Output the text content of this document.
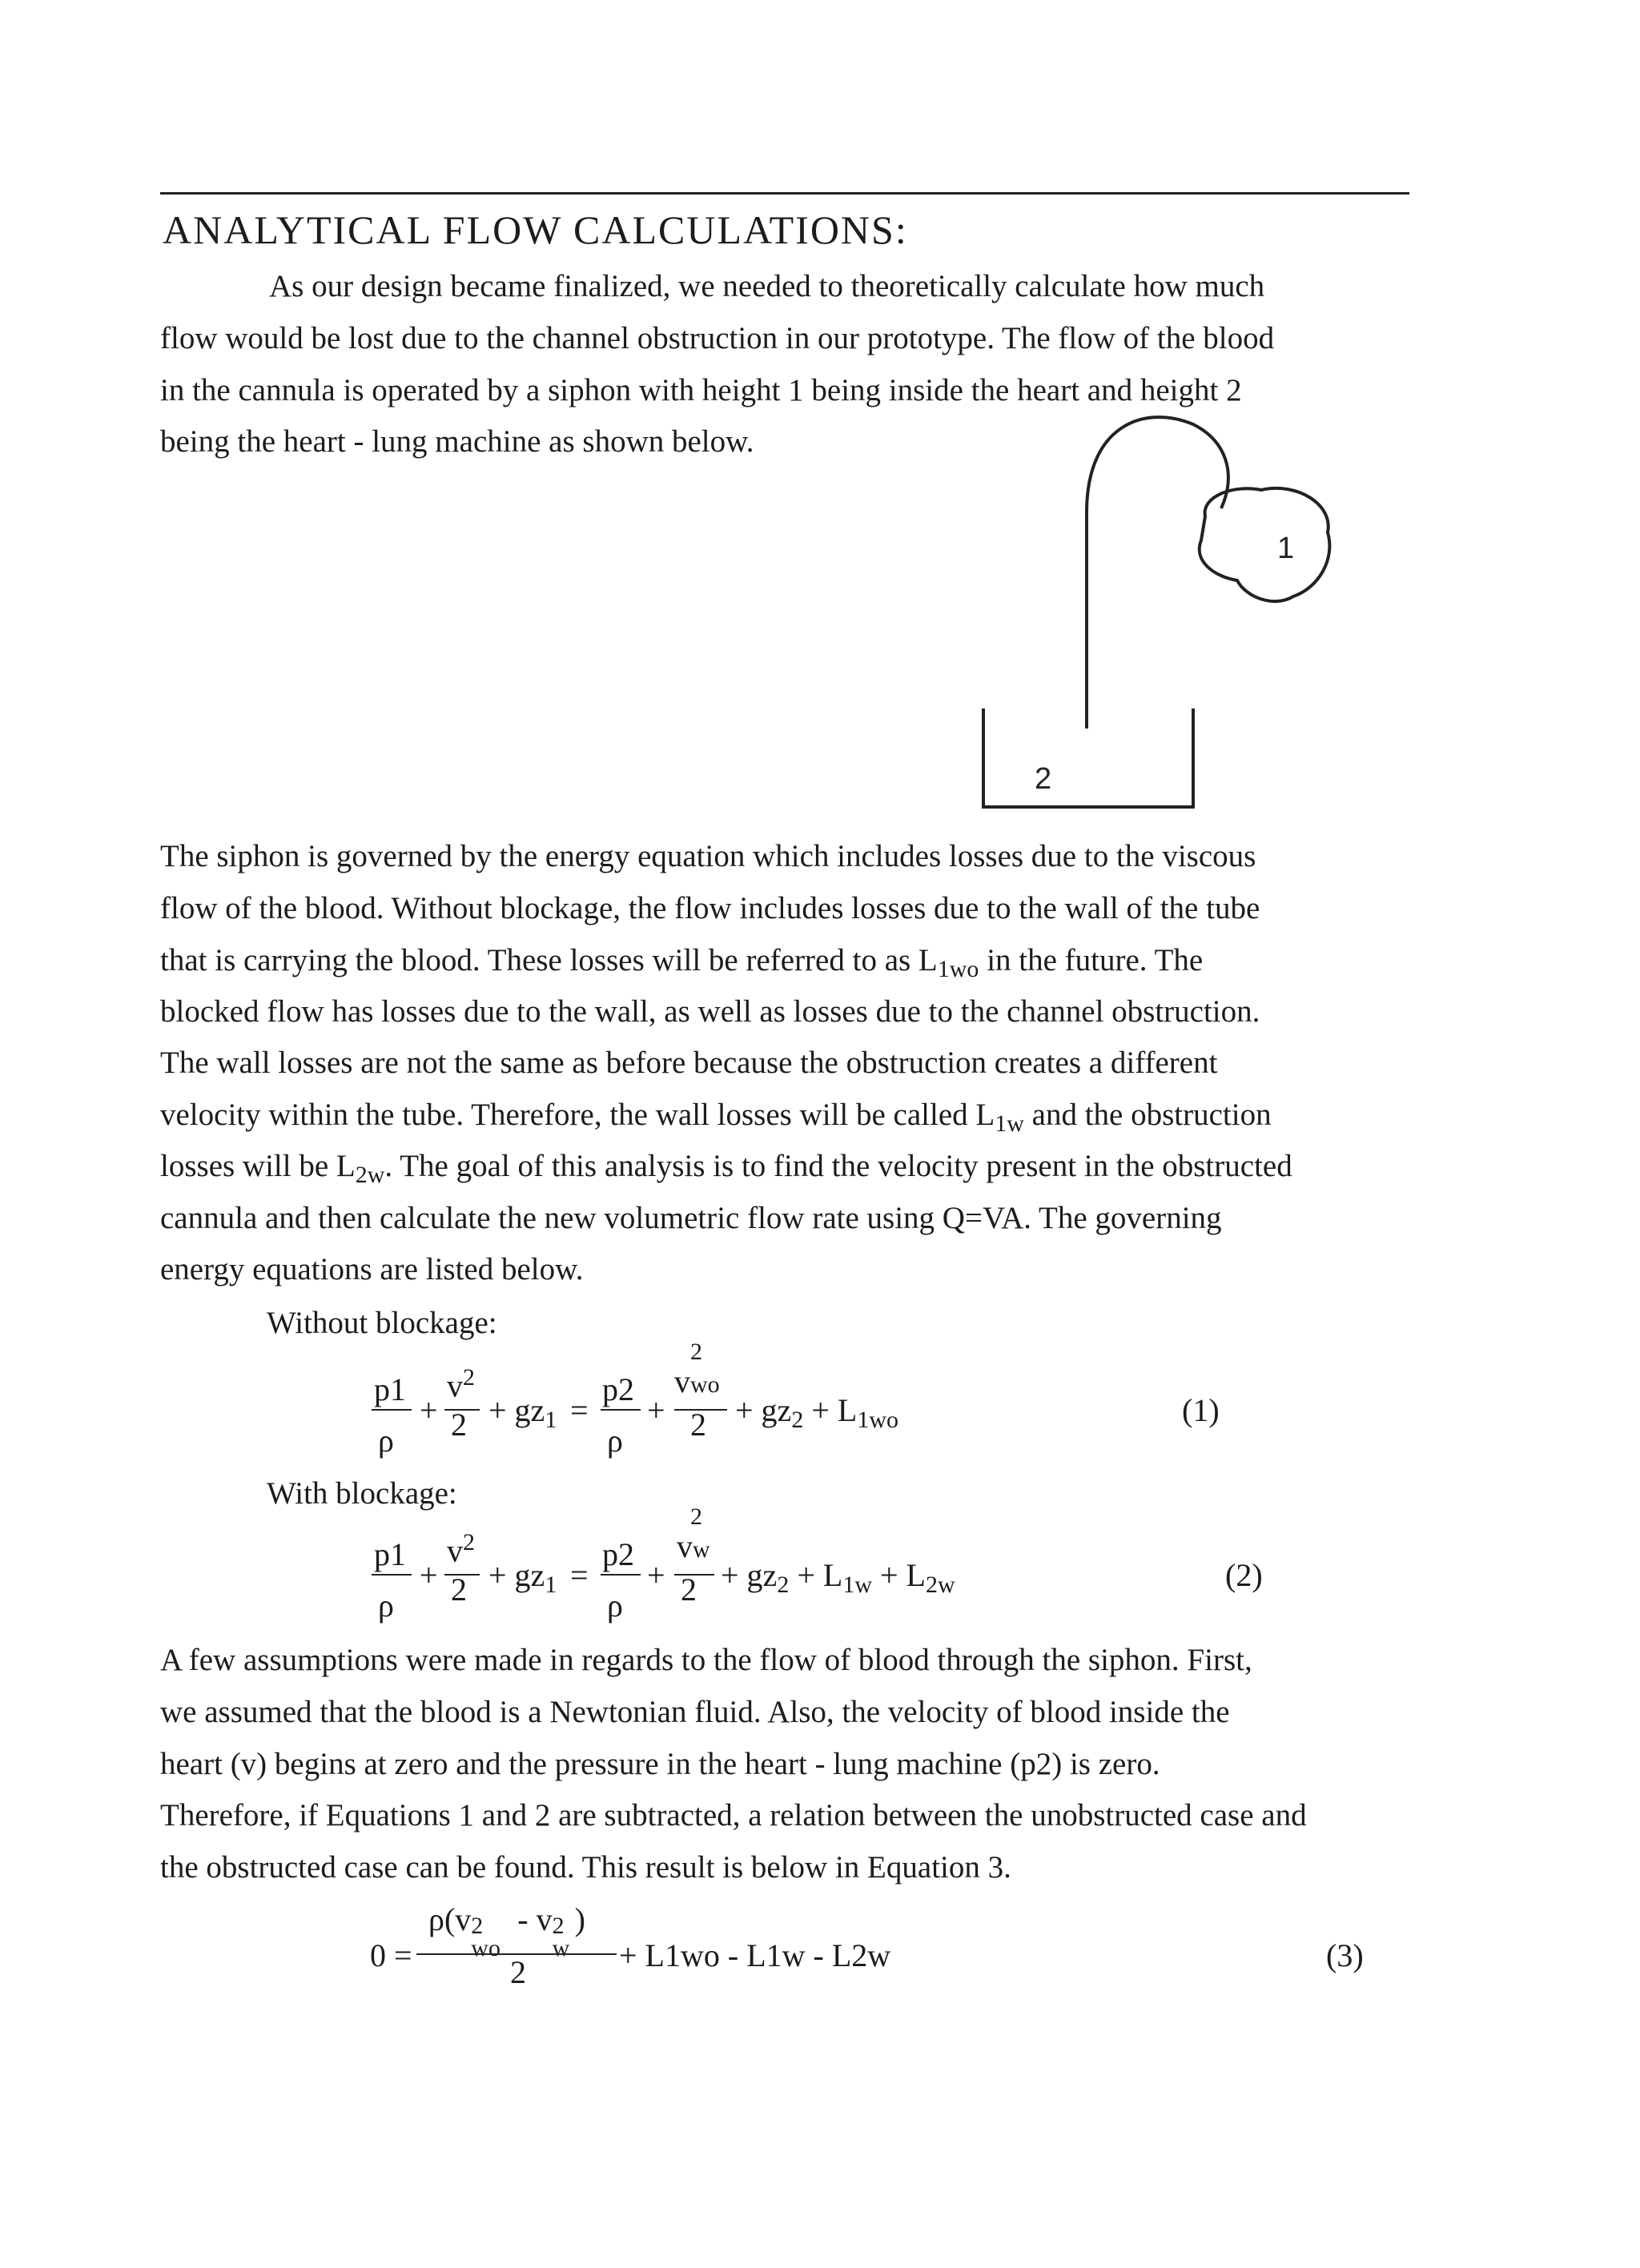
ANALYTICAL FLOW CALCULATIONS:
As our design became finalized, we needed to theoretically calculate how much
flow would be lost due to the channel obstruction in our prototype. The flow of the blood
in the cannula is operated by a siphon with height 1 being inside the heart and height 2
being the heart - lung machine as shown below.
1
2
The siphon is governed by the energy equation which includes losses due to the viscous
flow of the blood. Without blockage, the flow includes losses due to the wall of the tube
that is carrying the blood. These losses will be referred to as $L_{1wo}$ in the future. The
blocked flow has losses due to the wall, as well as losses due to the channel obstruction.
The wall losses are not the same as before because the obstruction creates a different
velocity within the tube. Therefore, the wall losses will be called $L_{1w}$ and the obstruction
losses will be $L_{2w}$. The goal of this analysis is to find the velocity present in the obstructed
cannula and then calculate the new volumetric flow rate using Q=VA. The governing
energy equations are listed below.
Without blockage:
p1
ρ
+
$v^2$
$2 + gz_1$ =
p2
ρ
+
2
vwo
$2 + gz_2 + L_{1wo}$	(1)
With blockage:
p1
ρ
+
$v^2$
$2 + gz_1$ =
p2
ρ
+
2
vw
$2 + gz_2 + L_{1w} + L_{2w}$	(2)
A few assumptions were made in regards to the flow of blood through the siphon. First,
we assumed that the blood is a Newtonian fluid. Also, the velocity of blood inside the
heart (v) begins at zero and the pressure in the heart - lung machine (p2) is zero.
Therefore, if Equations 1 and 2 are subtracted, a relation between the unobstructed case and
the obstructed case can be found. This result is below in Equation 3.
0 =
ρ(v 2
wo
- v 2
w
)
2	+ L1wo - L1w - L2w	(3)
